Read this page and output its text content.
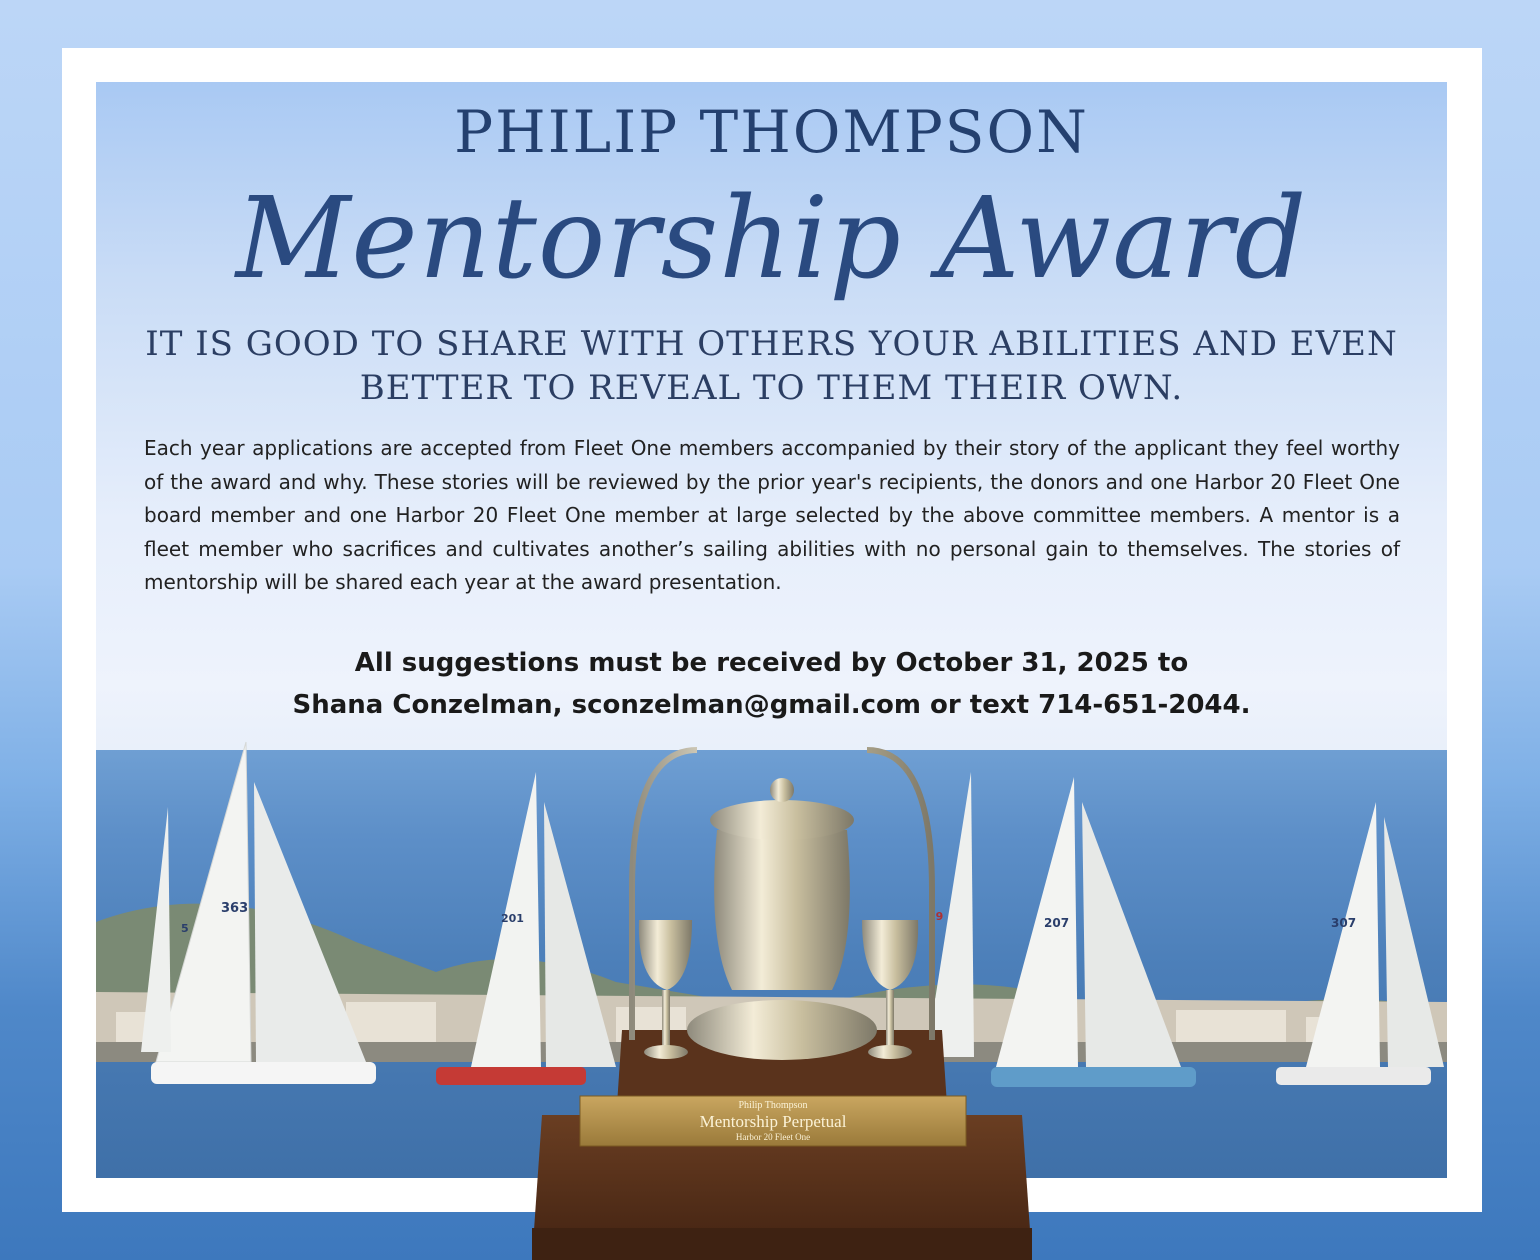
363
5
201	19	207	307
PHILIP THOMPSON
Mentorship Award
IT IS GOOD TO SHARE WITH OTHERS YOUR ABILITIES AND EVEN
BETTER TO REVEAL TO THEM THEIR OWN.
Each year applications are accepted from Fleet One members accompanied by their story of the applicant they feel worthy of the award and why. These stories will be reviewed by the prior year's recipients, the donors and one Harbor 20 Fleet One board member and one Harbor 20 Fleet One member at large selected by the above committee members. A mentor is a fleet member who sacrifices and cultivates another’s sailing abilities with no personal gain to themselves. The stories of mentorship will be shared each year at the award presentation.
All suggestions must be received by October 31, 2025 to
Shana Conzelman, sconzelman@gmail.com or text 714-651-2044.
Philip Thompson
Mentorship Perpetual
Harbor 20 Fleet One
